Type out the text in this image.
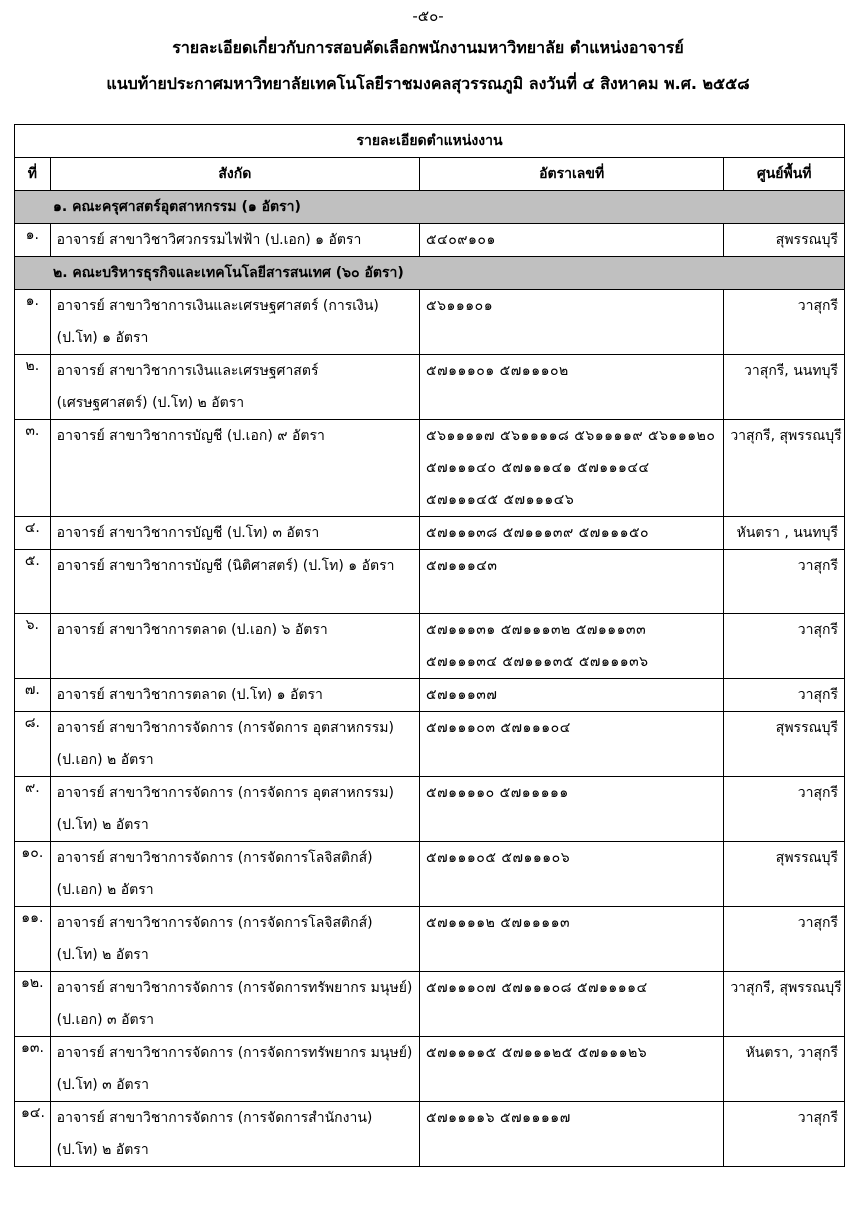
-๕๐-
รายละเอียดเกี่ยวกับการสอบคัดเลือกพนักงานมหาวิทยาลัย ตำแหน่งอาจารย์
แนบท้ายประกาศมหาวิทยาลัยเทคโนโลยีราชมงคลสุวรรณภูมิ ลงวันที่ ๔ สิงหาคม พ.ศ. ๒๕๕๘
รายละเอียดตำแหน่งงาน			
ที่	สังกัด	อัตราเลขที่	ศูนย์พื้นที่
๑. คณะครุศาสตร์อุตสาหกรรม (๑ อัตรา)			
๑.	อาจารย์ สาขาวิชาวิศวกรรมไฟฟ้า (ป.เอก) ๑ อัตรา	๕๔๐๙๑๐๑	สุพรรณบุรี
๒. คณะบริหารธุรกิจและเทคโนโลยีสารสนเทศ (๖๐ อัตรา)			
๑.	อาจารย์ สาขาวิชาการเงินและเศรษฐศาสตร์ (การเงิน) (ป.โท) ๑ อัตรา	๕๖๑๑๑๐๑	วาสุกรี
๒.	อาจารย์ สาขาวิชาการเงินและเศรษฐศาสตร์ (เศรษฐศาสตร์) (ป.โท) ๒ อัตรา	๕๗๑๑๑๐๑ ๕๗๑๑๑๐๒	วาสุกรี, นนทบุรี
๓.	อาจารย์ สาขาวิชาการบัญชี (ป.เอก) ๙ อัตรา	๕๖๑๑๑๑๗ ๕๖๑๑๑๑๘ ๕๖๑๑๑๑๙ ๕๖๑๑๑๒๐ ๕๗๑๑๑๔๐ ๕๗๑๑๑๔๑ ๕๗๑๑๑๔๔ ๕๗๑๑๑๔๕ ๕๗๑๑๑๔๖	วาสุกรี, สุพรรณบุรี
๔.	อาจารย์ สาขาวิชาการบัญชี (ป.โท) ๓ อัตรา	๕๗๑๑๑๓๘ ๕๗๑๑๑๓๙ ๕๗๑๑๑๕๐	หันตรา , นนทบุรี
๕.	อาจารย์ สาขาวิชาการบัญชี (นิติศาสตร์) (ป.โท) ๑ อัตรา	๕๗๑๑๑๔๓	วาสุกรี
๖.	อาจารย์ สาขาวิชาการตลาด (ป.เอก) ๖ อัตรา	๕๗๑๑๑๓๑ ๕๗๑๑๑๓๒ ๕๗๑๑๑๓๓ ๕๗๑๑๑๓๔ ๕๗๑๑๑๓๕ ๕๗๑๑๑๓๖	วาสุกรี
๗.	อาจารย์ สาขาวิชาการตลาด (ป.โท) ๑ อัตรา	๕๗๑๑๑๓๗	วาสุกรี
๘.	อาจารย์ สาขาวิชาการจัดการ (การจัดการ อุตสาหกรรม) (ป.เอก) ๒ อัตรา	๕๗๑๑๑๐๓ ๕๗๑๑๑๐๔	สุพรรณบุรี
๙.	อาจารย์ สาขาวิชาการจัดการ (การจัดการ อุตสาหกรรม) (ป.โท) ๒ อัตรา	๕๗๑๑๑๑๐ ๕๗๑๑๑๑๑	วาสุกรี
๑๐.	อาจารย์ สาขาวิชาการจัดการ (การจัดการโลจิสติกส์) (ป.เอก) ๒ อัตรา	๕๗๑๑๑๐๕ ๕๗๑๑๑๐๖	สุพรรณบุรี
๑๑.	อาจารย์ สาขาวิชาการจัดการ (การจัดการโลจิสติกส์) (ป.โท) ๒ อัตรา	๕๗๑๑๑๑๒ ๕๗๑๑๑๑๓	วาสุกรี
๑๒.	อาจารย์ สาขาวิชาการจัดการ (การจัดการทรัพยากร มนุษย์) (ป.เอก) ๓ อัตรา	๕๗๑๑๑๐๗ ๕๗๑๑๑๐๘ ๕๗๑๑๑๑๔	วาสุกรี, สุพรรณบุรี
๑๓.	อาจารย์ สาขาวิชาการจัดการ (การจัดการทรัพยากร มนุษย์) (ป.โท) ๓ อัตรา	๕๗๑๑๑๑๕ ๕๗๑๑๑๒๕ ๕๗๑๑๑๒๖	หันตรา, วาสุกรี
๑๔.	อาจารย์ สาขาวิชาการจัดการ (การจัดการสำนักงาน) (ป.โท) ๒ อัตรา	๕๗๑๑๑๑๖ ๕๗๑๑๑๑๗	วาสุกรี
